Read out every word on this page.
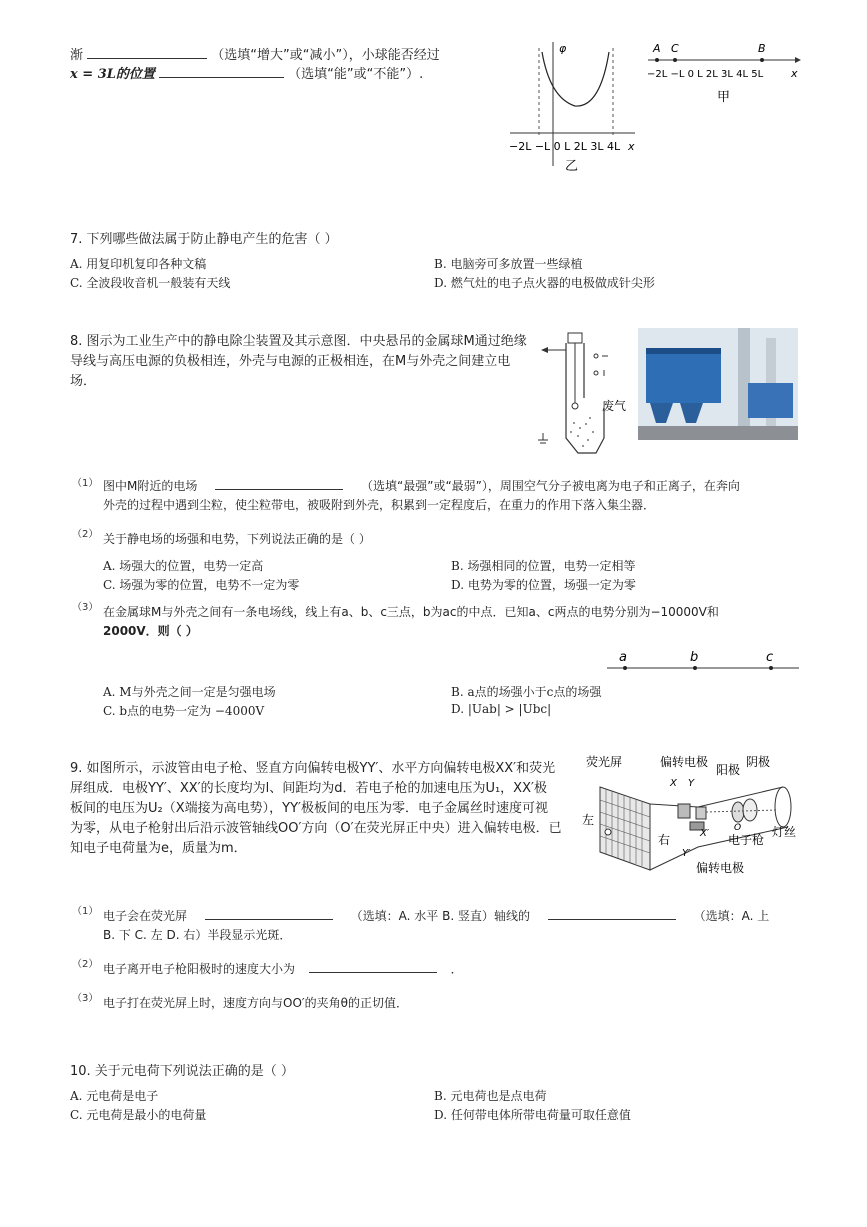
渐	（选填“增大”或“减小”），小球能否经过
x = 3L的位置	（选填“能”或“不能”）.
φ
−2L −L 0 L 2L 3L 4L x
乙
A C	B
−2L −L 0 L 2L 3L 4L 5L	x
甲
7. 下列哪些做法属于防止静电产生的危害（ ）
A. 用复印机复印各种文稿	B. 电脑旁可多放置一些绿植
C. 全波段收音机一般装有天线	D. 燃气灶的电子点火器的电极做成针尖形
8. 图示为工业生产中的静电除尘装置及其示意图．中央悬吊的金属球M通过绝缘
导线与高压电源的负极相连，外壳与电源的正极相连，在M与外壳之间建立电
场．
废气
（1） 图中M附近的电场	（选填“最强”或“最弱”），周围空气分子被电离为电子和正离子，在奔向
外壳的过程中遇到尘粒，使尘粒带电，被吸附到外壳，积累到一定程度后，在重力的作用下落入集尘器．
（2） 关于静电场的场强和电势，下列说法正确的是（ ）
A. 场强大的位置，电势一定高	B. 场强相同的位置，电势一定相等
C. 场强为零的位置，电势不一定为零	D. 电势为零的位置，场强一定为零
（3） 在金属球M与外壳之间有一条电场线，线上有a、b、c三点，b为ac的中点．已知a、c两点的电势分别为−10000V和
2000V．则（ ）
a	b	c
A. M与外壳之间一定是匀强电场	B. a点的场强小于c点的场强
C. b点的电势一定为 −4000V	D. |Uab| > |Ubc|
9. 如图所示，示波管由电子枪、竖直方向偏转电极YY′、水平方向偏转电极XX′和荧光
屏组成．电极YY′、XX′的长度均为l、间距均为d．若电子枪的加速电压为U₁，XX′极
板间的电压为U₂（X端接为高电势），YY′极板间的电压为零．电子金属丝时速度可视
为零，从电子枪射出后沿示波管轴线OO′方向（O′在荧光屏正中央）进入偏转电极．已
知电子电荷量为e，质量为m．
荧光屏	偏转电极
阳极
阴极
左
右	电子枪
灯丝
偏转电极
X Y
X′
Y′
O
（1） 电子会在荧光屏	（选填：A. 水平 B. 竖直）轴线的	（选填：A. 上
B. 下 C. 左 D. 右）半段显示光斑．
（2） 电子离开电子枪阳极时的速度大小为	．
（3） 电子打在荧光屏上时，速度方向与OO′的夹角θ的正切值．
10. 关于元电荷下列说法正确的是（ ）
A. 元电荷是电子	B. 元电荷也是点电荷
C. 元电荷是最小的电荷量	D. 任何带电体所带电荷量可取任意值
